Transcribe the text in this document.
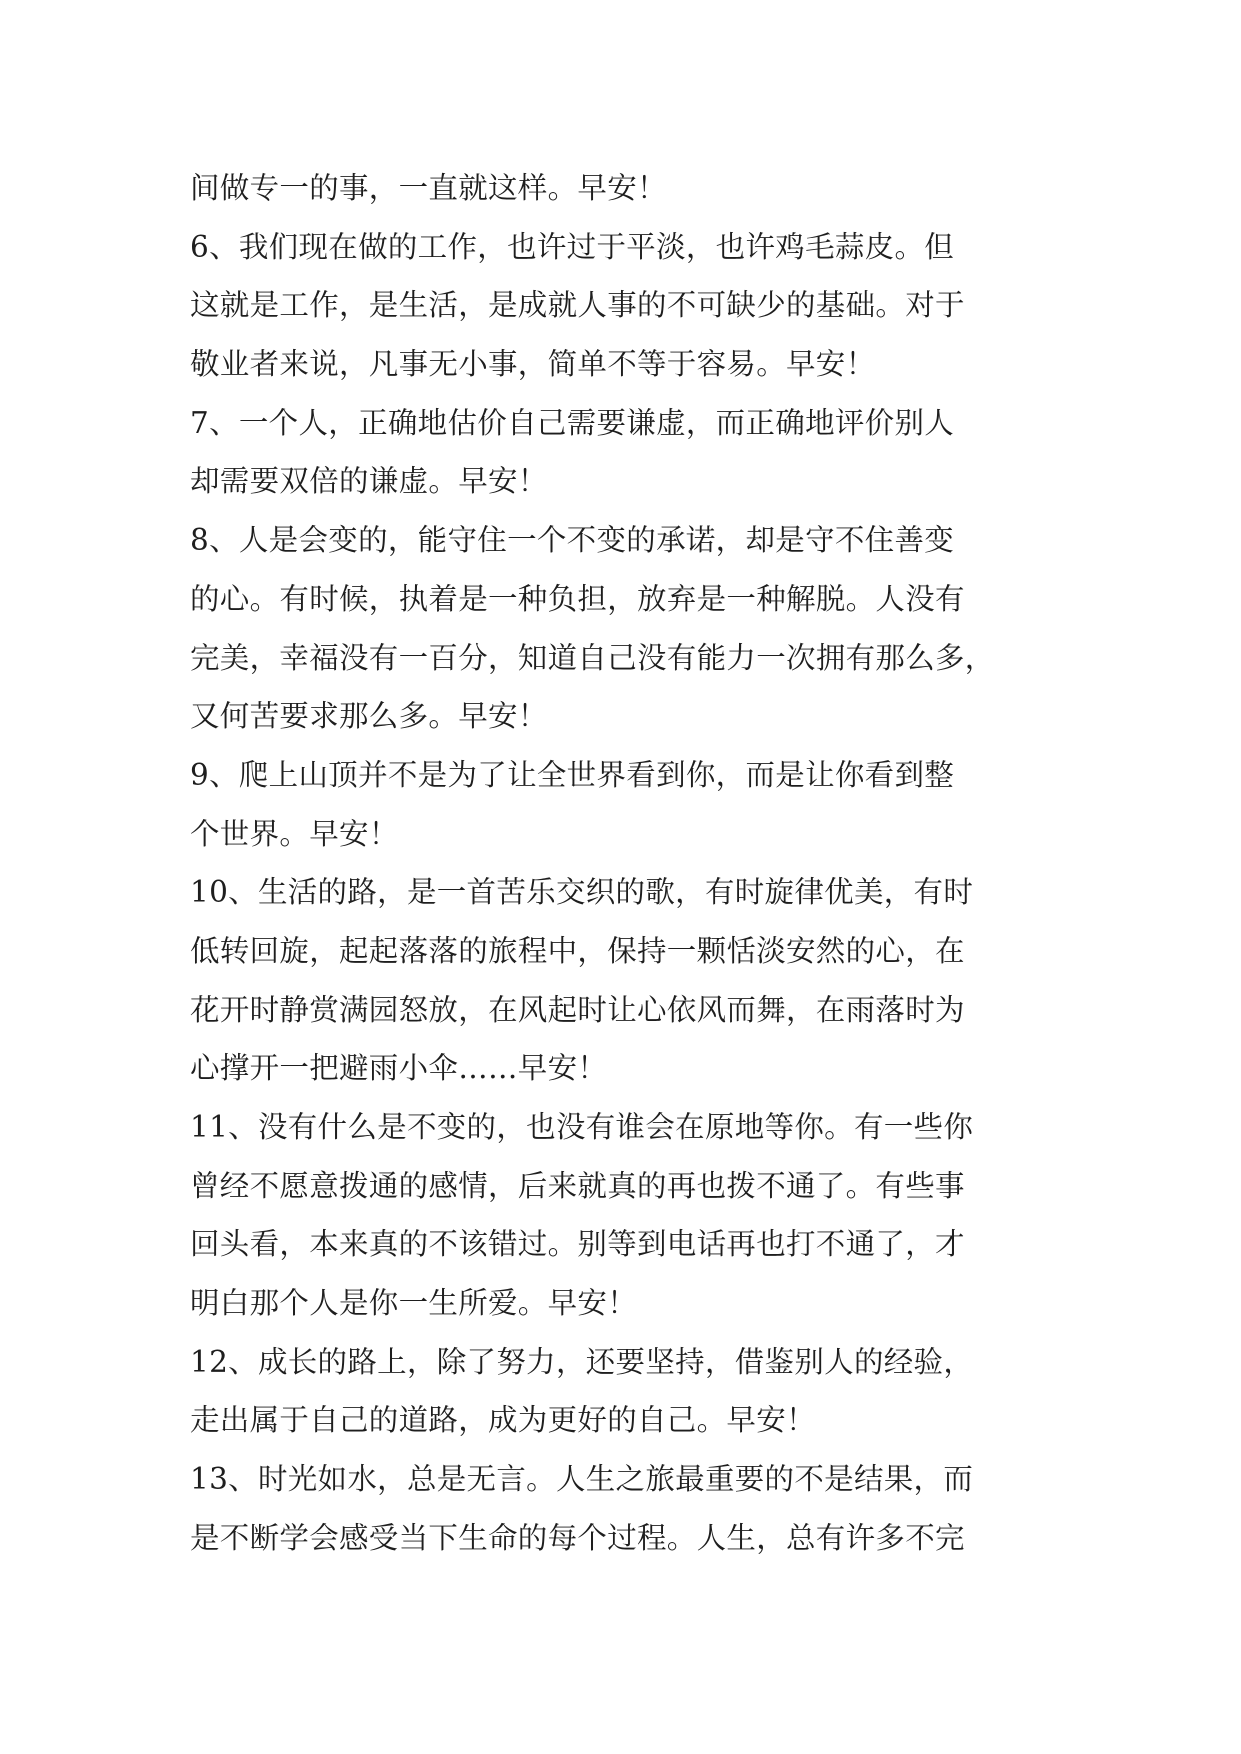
间做专一的事，一直就这样。早安！
6、我们现在做的工作，也许过于平淡，也许鸡毛蒜皮。但
这就是工作，是生活，是成就人事的不可缺少的基础。对于
敬业者来说，凡事无小事，简单不等于容易。早安！
7、一个人，正确地估价自己需要谦虚，而正确地评价别人
却需要双倍的谦虚。早安！
8、人是会变的，能守住一个不变的承诺，却是守不住善变
的心。有时候，执着是一种负担，放弃是一种解脱。人没有
完美，幸福没有一百分，知道自己没有能力一次拥有那么多，
又何苦要求那么多。早安！
9、爬上山顶并不是为了让全世界看到你，而是让你看到整
个世界。早安！
10、生活的路，是一首苦乐交织的歌，有时旋律优美，有时
低转回旋，起起落落的旅程中，保持一颗恬淡安然的心，在
花开时静赏满园怒放，在风起时让心依风而舞，在雨落时为
心撑开一把避雨小伞……早安！
11、没有什么是不变的，也没有谁会在原地等你。有一些你
曾经不愿意拨通的感情，后来就真的再也拨不通了。有些事
回头看，本来真的不该错过。别等到电话再也打不通了，才
明白那个人是你一生所爱。早安！
12、成长的路上，除了努力，还要坚持，借鉴别人的经验，
走出属于自己的道路，成为更好的自己。早安！
13、时光如水，总是无言。人生之旅最重要的不是结果，而
是不断学会感受当下生命的每个过程。人生，总有许多不完
